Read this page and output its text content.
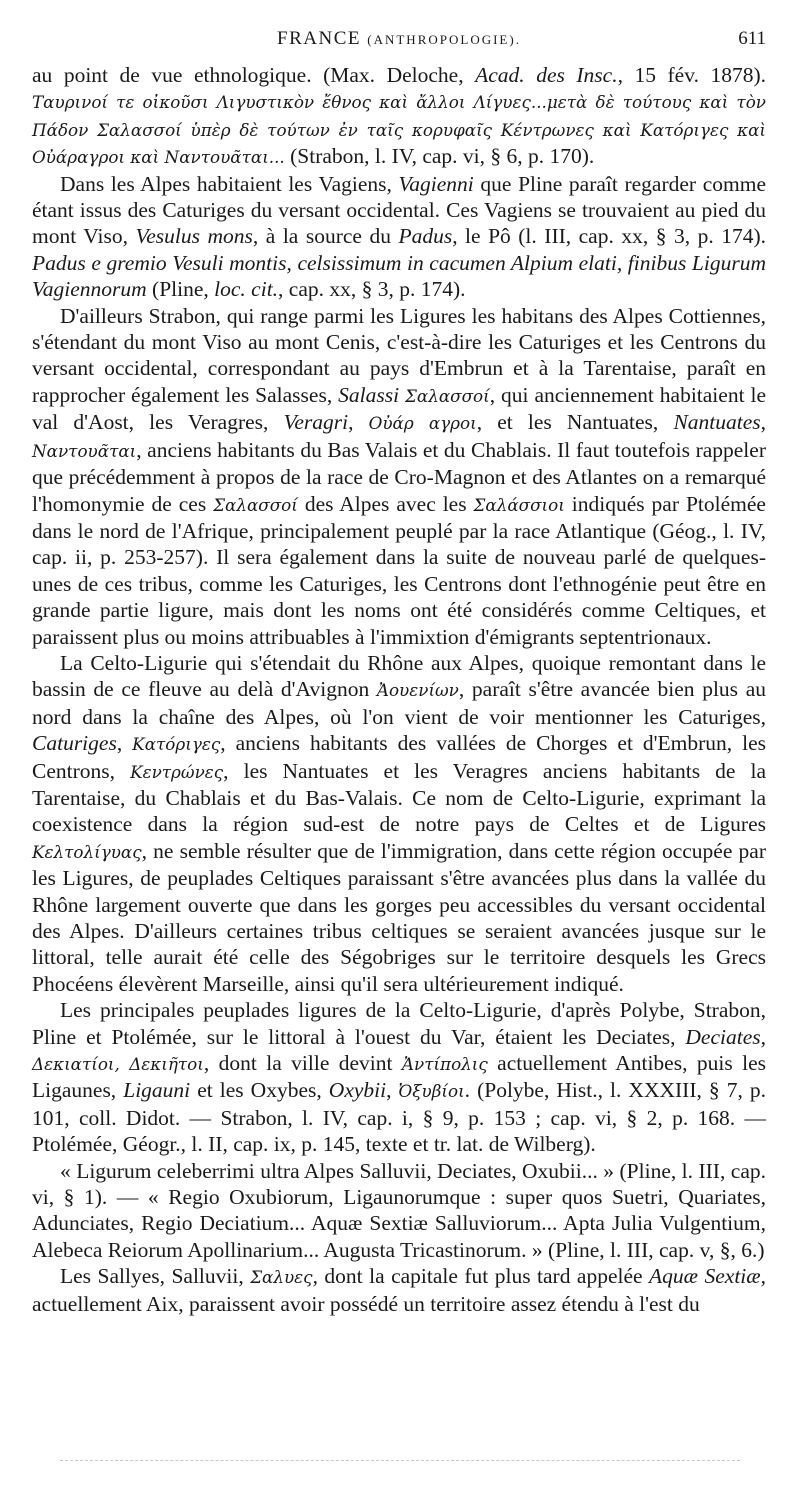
FRANCE (ANTHROPOLOGIE).	611

au point de vue ethnologique. (Max. Deloche, Acad. des Insc., 15 fév. 1878). Ταυρινοί τε οἰκοῦσι Λιγυστικὸν ἔθνος καὶ ἄλλοι Λίγυες...μετὰ δὲ τούτους καὶ τὸν Πάδον Σαλασσοί ὑπὲρ δὲ τούτων ἐν ταῖς κορυφαῖς Κέντρωνες καὶ Κατόριγες καὶ Οὐάραγροι καὶ Ναντουᾶται... (Strabon, l. IV, cap. vi, § 6, p. 170).

Dans les Alpes habitaient les Vagiens, Vagienni que Pline paraît regarder comme étant issus des Caturiges du versant occidental. Ces Vagiens se trouvaient au pied du mont Viso, Vesulus mons, à la source du Padus, le Pô (l. III, cap. xx, § 3, p. 174). Padus e gremio Vesuli montis, celsissimum in cacumen Alpium elati, finibus Ligurum Vagiennorum (Pline, loc. cit., cap. xx, § 3, p. 174).

D'ailleurs Strabon, qui range parmi les Ligures les habitans des Alpes Cottiennes, s'étendant du mont Viso au mont Cenis, c'est-à-dire les Caturiges et les Centrons du versant occidental, correspondant au pays d'Embrun et à la Tarentaise, paraît en rapprocher également les Salasses, Salassi Σαλασσοί, qui anciennement habitaient le val d'Aost, les Veragres, Veragri, Οὐάρ αγροι, et les Nantuates, Nantuates, Ναντουᾶται, anciens habitants du Bas Valais et du Chablais. Il faut toutefois rappeler que précédemment à propos de la race de Cro-Magnon et des Atlantes on a remarqué l'homonymie de ces Σαλασσοί des Alpes avec les Σαλάσσιοι indiqués par Ptolémée dans le nord de l'Afrique, principalement peuplé par la race Atlantique (Géog., l. IV, cap. ii, p. 253-257). Il sera également dans la suite de nouveau parlé de quelques-unes de ces tribus, comme les Caturiges, les Centrons dont l'ethnogénie peut être en grande partie ligure, mais dont les noms ont été considérés comme Celtiques, et paraissent plus ou moins attribuables à l'immixtion d'émigrants septentrionaux.

La Celto-Ligurie qui s'étendait du Rhône aux Alpes, quoique remontant dans le bassin de ce fleuve au delà d'Avignon Ἀουενίων, paraît s'être avancée bien plus au nord dans la chaîne des Alpes, où l'on vient de voir mentionner les Caturiges, Caturiges, Κατόριγες, anciens habitants des vallées de Chorges et d'Embrun, les Centrons, Κεντρώνες, les Nantuates et les Veragres anciens habitants de la Tarentaise, du Chablais et du Bas-Valais. Ce nom de Celto-Ligurie, exprimant la coexistence dans la région sud-est de notre pays de Celtes et de Ligures Κελτολίγυας, ne semble résulter que de l'immigration, dans cette région occupée par les Ligures, de peuplades Celtiques paraissant s'être avancées plus dans la vallée du Rhône largement ouverte que dans les gorges peu accessibles du versant occidental des Alpes. D'ailleurs certaines tribus celtiques se seraient avancées jusque sur le littoral, telle aurait été celle des Ségobriges sur le territoire desquels les Grecs Phocéens élevèrent Marseille, ainsi qu'il sera ultérieurement indiqué.

Les principales peuplades ligures de la Celto-Ligurie, d'après Polybe, Strabon, Pline et Ptolémée, sur le littoral à l'ouest du Var, étaient les Deciates, Deciates, Δεκιατίοι, Δεκιῆτοι, dont la ville devint Ἀντίπολις actuellement Antibes, puis les Ligaunes, Ligauni et les Oxybes, Oxybii, Ὀξυβίοι. (Polybe, Hist., l. XXXIII, § 7, p. 101, coll. Didot. — Strabon, l. IV, cap. i, § 9, p. 153 ; cap. vi, § 2, p. 168. — Ptolémée, Géogr., l. II, cap. ix, p. 145, texte et tr. lat. de Wilberg).

« Ligurum celeberrimi ultra Alpes Salluvii, Deciates, Oxubii... » (Pline, l. III, cap. vi, § 1). — « Regio Oxubiorum, Ligaunorumque : super quos Suetri, Quariates, Adunciates, Regio Deciatium... Aquæ Sextiæ Salluviorum... Apta Julia Vulgentium, Alebeca Reiorum Apollinarium... Augusta Tricastinorum. » (Pline, l. III, cap. v, §, 6.)

Les Sallyes, Salluvii, Σαλυες, dont la capitale fut plus tard appelée Aquæ Sextiæ, actuellement Aix, paraissent avoir possédé un territoire assez étendu à l'est du
